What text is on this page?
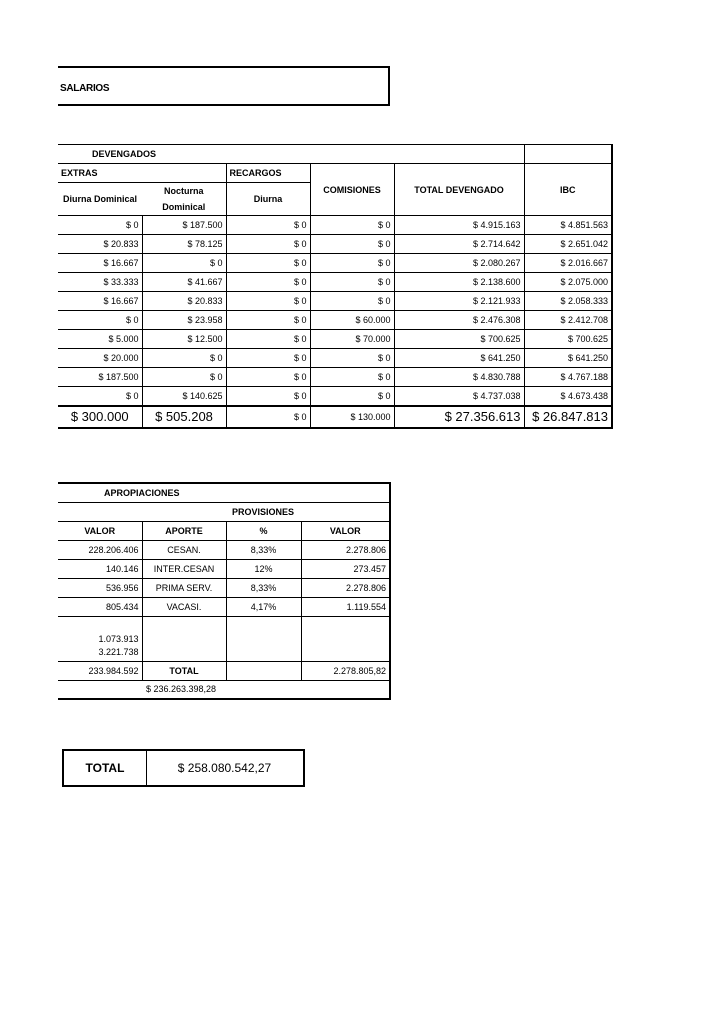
SALARIOS
DEVENGADOS					
EXTRAS		RECARGOS	COMISIONES	TOTAL DEVENGADO	IBC
Diurna Dominical	Nocturna Dominical	Diurna			
$ 0	$ 187.500	$ 0	$ 0	$ 4.915.163	$ 4.851.563
$ 20.833	$ 78.125	$ 0	$ 0	$ 2.714.642	$ 2.651.042
$ 16.667	$ 0	$ 0	$ 0	$ 2.080.267	$ 2.016.667
$ 33.333	$ 41.667	$ 0	$ 0	$ 2.138.600	$ 2.075.000
$ 16.667	$ 20.833	$ 0	$ 0	$ 2.121.933	$ 2.058.333
$ 0	$ 23.958	$ 0	$ 60.000	$ 2.476.308	$ 2.412.708
$ 5.000	$ 12.500	$ 0	$ 70.000	$ 700.625	$ 700.625
$ 20.000	$ 0	$ 0	$ 0	$ 641.250	$ 641.250
$ 187.500	$ 0	$ 0	$ 0	$ 4.830.788	$ 4.767.188
$ 0	$ 140.625	$ 0	$ 0	$ 4.737.038	$ 4.673.438
$ 300.000	$ 505.208	$ 0	$ 130.000	$ 27.356.613	$ 26.847.813
APROPIACIONES			
		PROVISIONES	
VALOR	APORTE	%	VALOR
228.206.406	CESAN.	8,33%	2.278.806
140.146	INTER.CESAN	12%	273.457
536.956	PRIMA SERV.	8,33%	2.278.806
805.434	VACASI.	4,17%	1.119.554
1.073.913			
3.221.738			
233.984.592	TOTAL		2.278.805,82
	$ 236.263.398,28		
TOTAL	$ 258.080.542,27
